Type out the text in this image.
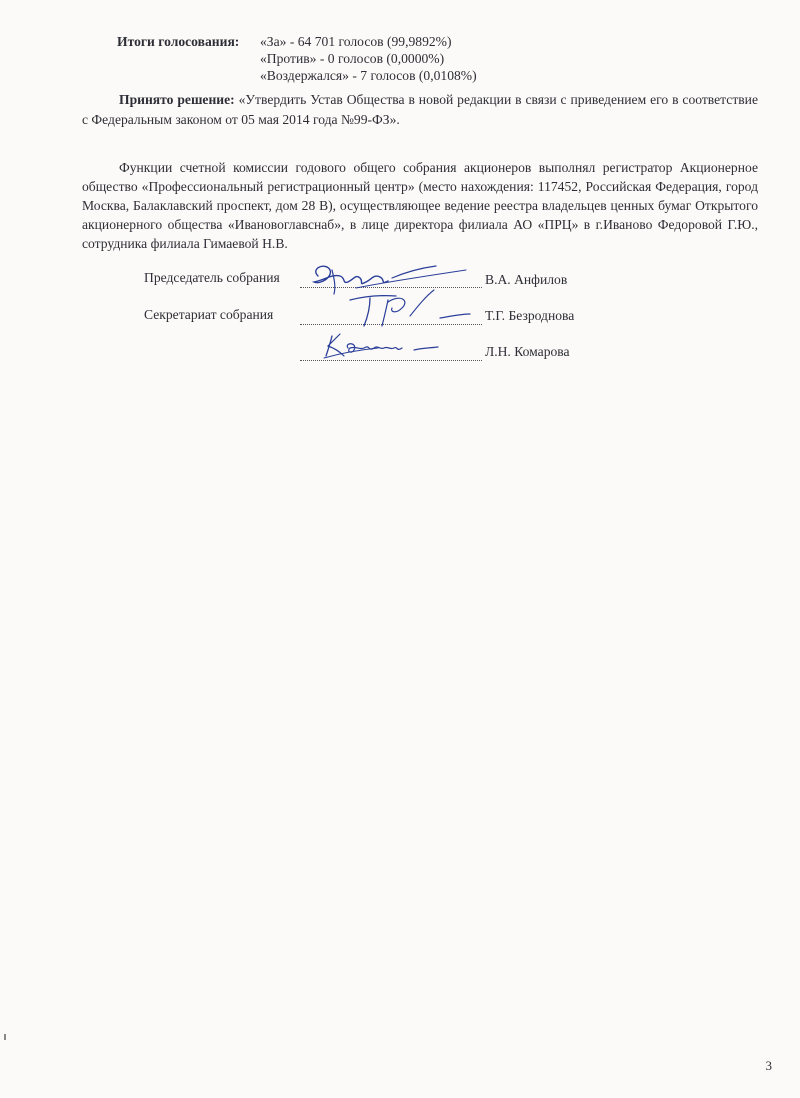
Итоги голосования: «За» - 64 701 голосов (99,9892%)
«Против» - 0 голосов (0,0000%)
«Воздержался» - 7 голосов (0,0108%)
Принято решение: «Утвердить Устав Общества в новой редакции в связи с приведением его в соответствие с Федеральным законом от 05 мая 2014 года №99-ФЗ».
Функции счетной комиссии годового общего собрания акционеров выполнял регистратор Акционерное общество «Профессиональный регистрационный центр» (место нахождения: 117452, Российская Федерация, город Москва, Балаклавский проспект, дом 28 В), осуществляющее ведение реестра владельцев ценных бумаг Открытого акционерного общества «Ивановоглавснаб», в лице директора филиала АО «ПРЦ» в г.Иваново Федоровой Г.Ю., сотрудника филиала Гимаевой Н.В.
Председатель собрания	В.А. Анфилов
Секретариат собрания	Т.Г. Безроднова
Л.Н. Комарова
3
